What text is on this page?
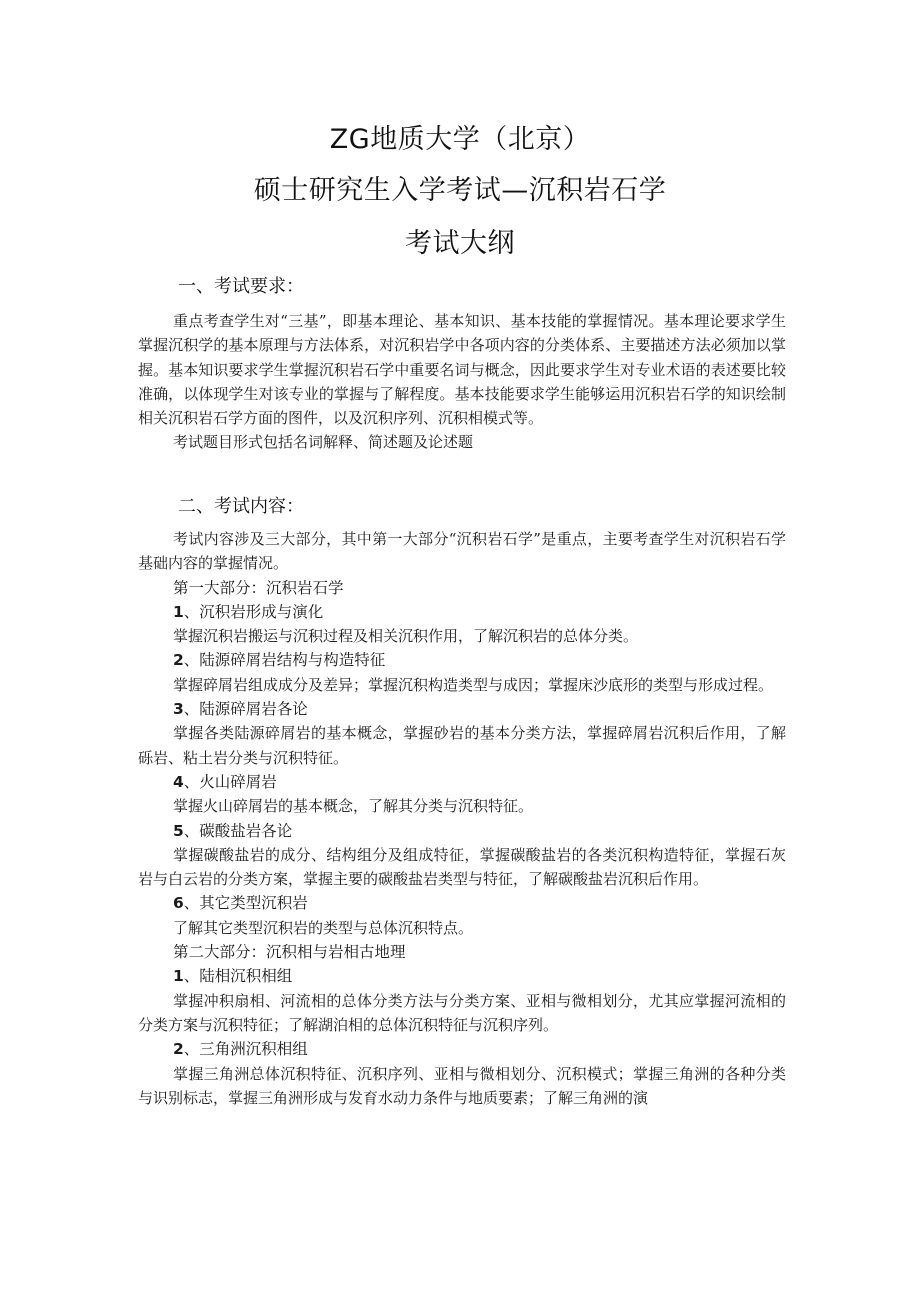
ZG地质大学（北京）
硕士研究生入学考试—沉积岩石学
考试大纲
一、考试要求：

重点考查学生对“三基”，即基本理论、基本知识、基本技能的掌握情况。基本理论要求学生掌握沉积学的基本原理与方法体系，对沉积岩学中各项内容的分类体系、主要描述方法必须加以掌握。基本知识要求学生掌握沉积岩石学中重要名词与概念，因此要求学生对专业术语的表述要比较准确，以体现学生对该专业的掌握与了解程度。基本技能要求学生能够运用沉积岩石学的知识绘制相关沉积岩石学方面的图件，以及沉积序列、沉积相模式等。

考试题目形式包括名词解释、简述题及论述题

二、考试内容：

考试内容涉及三大部分，其中第一大部分“沉积岩石学”是重点，主要考查学生对沉积岩石学基础内容的掌握情况。

第一大部分：沉积岩石学

1、沉积岩形成与演化

掌握沉积岩搬运与沉积过程及相关沉积作用，了解沉积岩的总体分类。

2、陆源碎屑岩结构与构造特征

掌握碎屑岩组成成分及差异；掌握沉积构造类型与成因；掌握床沙底形的类型与形成过程。

3、陆源碎屑岩各论

掌握各类陆源碎屑岩的基本概念，掌握砂岩的基本分类方法，掌握碎屑岩沉积后作用，了解砾岩、粘土岩分类与沉积特征。

4、火山碎屑岩

掌握火山碎屑岩的基本概念，了解其分类与沉积特征。

5、碳酸盐岩各论

掌握碳酸盐岩的成分、结构组分及组成特征，掌握碳酸盐岩的各类沉积构造特征，掌握石灰岩与白云岩的分类方案，掌握主要的碳酸盐岩类型与特征，了解碳酸盐岩沉积后作用。

6、其它类型沉积岩

了解其它类型沉积岩的类型与总体沉积特点。

第二大部分：沉积相与岩相古地理

1、陆相沉积相组

掌握冲积扇相、河流相的总体分类方法与分类方案、亚相与微相划分，尤其应掌握河流相的分类方案与沉积特征；了解湖泊相的总体沉积特征与沉积序列。

2、三角洲沉积相组

掌握三角洲总体沉积特征、沉积序列、亚相与微相划分、沉积模式；掌握三角洲的各种分类与识别标志，掌握三角洲形成与发育水动力条件与地质要素；了解三角洲的演
